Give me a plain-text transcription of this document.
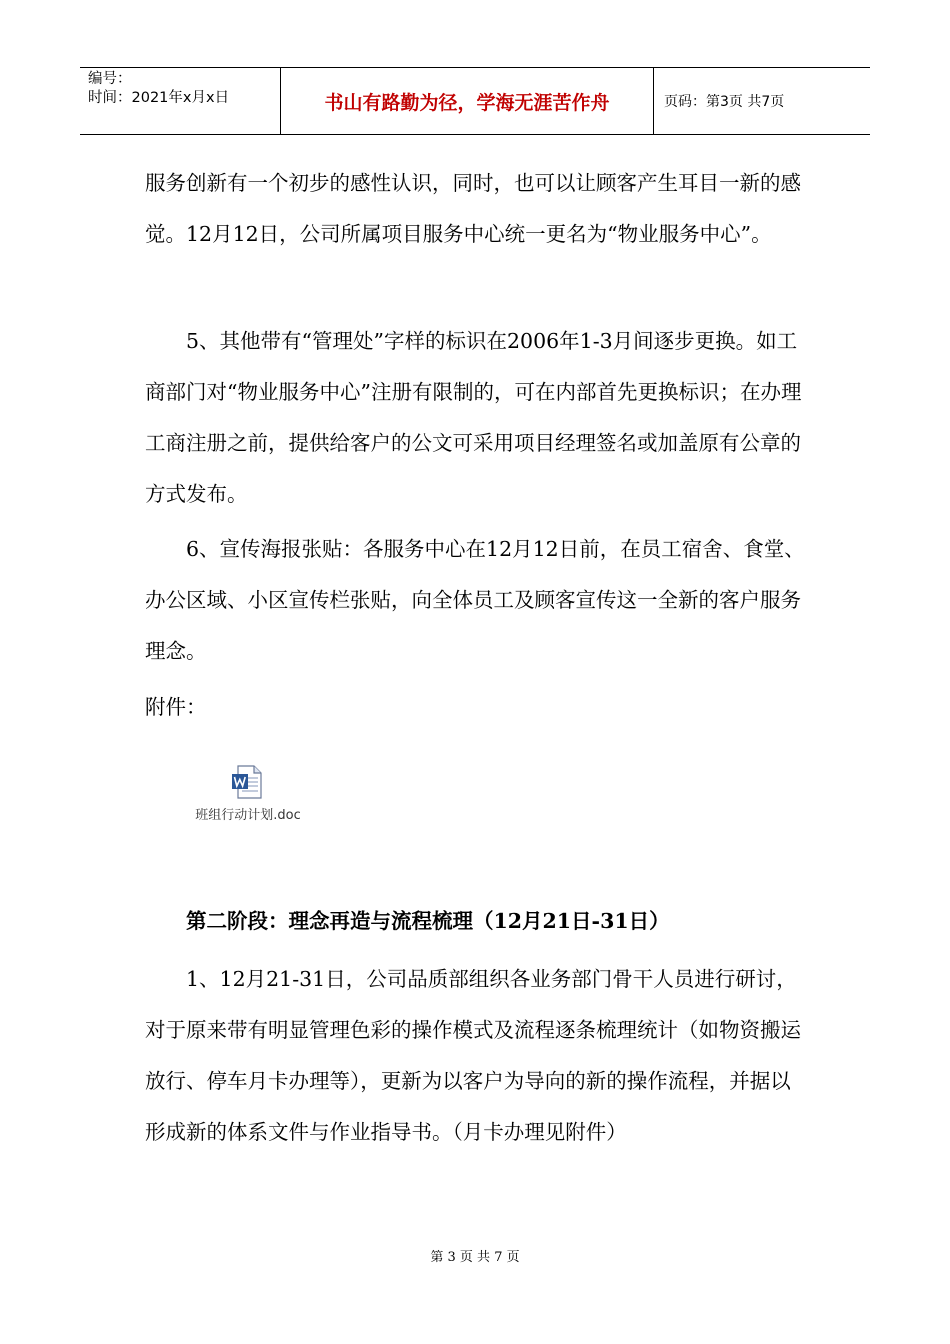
编号：
时间：2021年x月x日	书山有路勤为径，学海无涯苦作舟	页码：第3页 共7页

服务创新有一个初步的感性认识，同时，也可以让顾客产生耳目一新的感觉。12月12日，公司所属项目服务中心统一更名为“物业服务中心”。

5、其他带有“管理处”字样的标识在2006年1-3月间逐步更换。如工商部门对“物业服务中心”注册有限制的，可在内部首先更换标识；在办理工商注册之前，提供给客户的公文可采用项目经理签名或加盖原有公章的方式发布。

6、宣传海报张贴：各服务中心在12月12日前，在员工宿舍、食堂、办公区域、小区宣传栏张贴，向全体员工及顾客宣传这一全新的客户服务理念。

附件：

班组行动计划.doc

第二阶段：理念再造与流程梳理（12月21日-31日）

1、12月21-31日，公司品质部组织各业务部门骨干人员进行研讨，对于原来带有明显管理色彩的操作模式及流程逐条梳理统计（如物资搬运放行、停车月卡办理等），更新为以客户为导向的新的操作流程，并据以形成新的体系文件与作业指导书。（月卡办理见附件）

第 3 页 共 7 页
